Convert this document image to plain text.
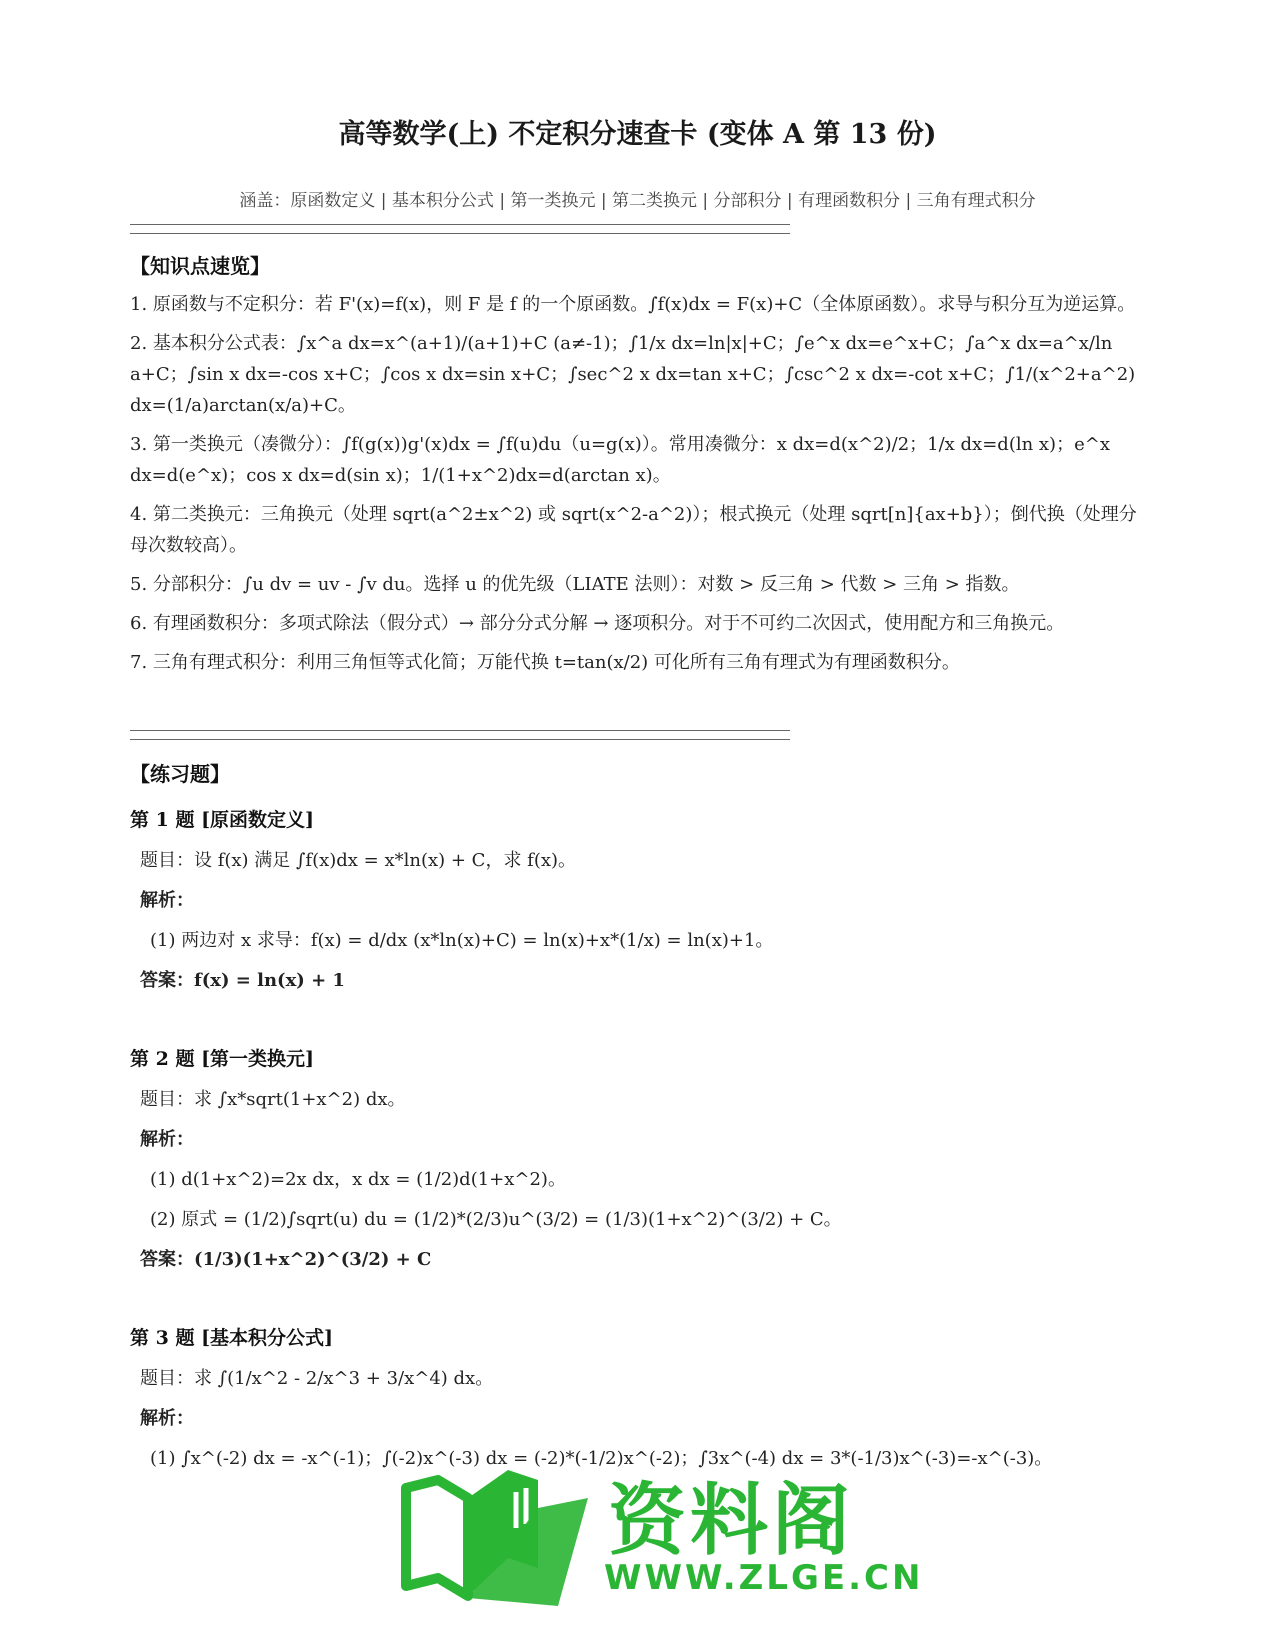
高等数学(上) 不定积分速查卡 (变体 A 第 13 份)
涵盖：原函数定义 | 基本积分公式 | 第一类换元 | 第二类换元 | 分部积分 | 有理函数积分 | 三角有理式积分
【知识点速览】

1. 原函数与不定积分：若 F'(x)=f(x)，则 F 是 f 的一个原函数。∫f(x)dx = F(x)+C（全体原函数）。求导与积分互为逆运算。

2. 基本积分公式表：∫x^a dx=x^(a+1)/(a+1)+C (a≠-1)；∫1/x dx=ln|x|+C；∫e^x dx=e^x+C；∫a^x dx=a^x/ln a+C；∫sin x dx=-cos x+C；∫cos x dx=sin x+C；∫sec^2 x dx=tan x+C；∫csc^2 x dx=-cot x+C；∫1/(x^2+a^2) dx=(1/a)arctan(x/a)+C。

3. 第一类换元（凑微分）：∫f(g(x))g'(x)dx = ∫f(u)du（u=g(x)）。常用凑微分：x dx=d(x^2)/2；1/x dx=d(ln x)；e^x dx=d(e^x)；cos x dx=d(sin x)；1/(1+x^2)dx=d(arctan x)。

4. 第二类换元：三角换元（处理 sqrt(a^2±x^2) 或 sqrt(x^2-a^2)）；根式换元（处理 sqrt[n]{ax+b}）；倒代换（处理分母次数较高）。

5. 分部积分：∫u dv = uv - ∫v du。选择 u 的优先级（LIATE 法则）：对数 > 反三角 > 代数 > 三角 > 指数。

6. 有理函数积分：多项式除法（假分式）→ 部分分式分解 → 逐项积分。对于不可约二次因式，使用配方和三角换元。

7. 三角有理式积分：利用三角恒等式化简；万能代换 t=tan(x/2) 可化所有三角有理式为有理函数积分。

【练习题】

第 1 题 [原函数定义]

题目：设 f(x) 满足 ∫f(x)dx = x*ln(x) + C，求 f(x)。

解析：

(1) 两边对 x 求导：f(x) = d/dx (x*ln(x)+C) = ln(x)+x*(1/x) = ln(x)+1。

答案：f(x) = ln(x) + 1

第 2 题 [第一类换元]

题目：求 ∫x*sqrt(1+x^2) dx。

解析：

(1) d(1+x^2)=2x dx，x dx = (1/2)d(1+x^2)。

(2) 原式 = (1/2)∫sqrt(u) du = (1/2)*(2/3)u^(3/2) = (1/3)(1+x^2)^(3/2) + C。

答案：(1/3)(1+x^2)^(3/2) + C

第 3 题 [基本积分公式]

题目：求 ∫(1/x^2 - 2/x^3 + 3/x^4) dx。

解析：

(1) ∫x^(-2) dx = -x^(-1)；∫(-2)x^(-3) dx = (-2)*(-1/2)x^(-2)；∫3x^(-4) dx = 3*(-1/3)x^(-3)=-x^(-3)。

资料阁
WWW.ZLGE.CN
